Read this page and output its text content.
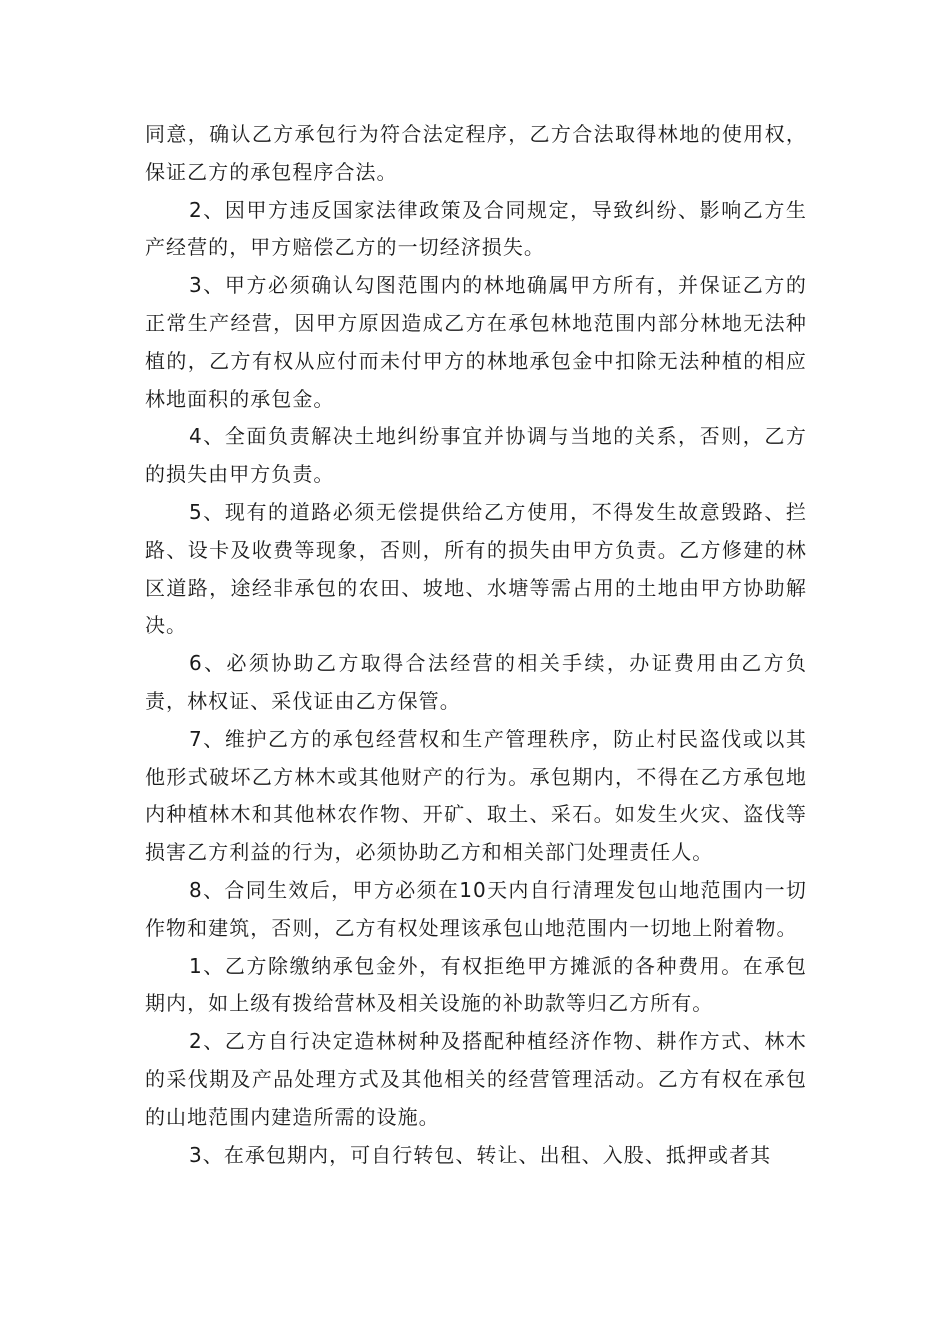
同意，确认乙方承包行为符合法定程序，乙方合法取得林地的使用权，保证乙方的承包程序合法。

2、因甲方违反国家法律政策及合同规定，导致纠纷、影响乙方生产经营的，甲方赔偿乙方的一切经济损失。

3、甲方必须确认勾图范围内的林地确属甲方所有，并保证乙方的正常生产经营，因甲方原因造成乙方在承包林地范围内部分林地无法种植的，乙方有权从应付而未付甲方的林地承包金中扣除无法种植的相应林地面积的承包金。

4、全面负责解决土地纠纷事宜并协调与当地的关系，否则，乙方的损失由甲方负责。

5、现有的道路必须无偿提供给乙方使用，不得发生故意毁路、拦路、设卡及收费等现象，否则，所有的损失由甲方负责。乙方修建的林区道路，途经非承包的农田、坡地、水塘等需占用的土地由甲方协助解决。

6、必须协助乙方取得合法经营的相关手续，办证费用由乙方负责，林权证、采伐证由乙方保管。

7、维护乙方的承包经营权和生产管理秩序，防止村民盗伐或以其他形式破坏乙方林木或其他财产的行为。承包期内，不得在乙方承包地内种植林木和其他林农作物、开矿、取土、采石。如发生火灾、盗伐等损害乙方利益的行为，必须协助乙方和相关部门处理责任人。

8、合同生效后，甲方必须在10天内自行清理发包山地范围内一切作物和建筑，否则，乙方有权处理该承包山地范围内一切地上附着物。

1、乙方除缴纳承包金外，有权拒绝甲方摊派的各种费用。在承包期内，如上级有拨给营林及相关设施的补助款等归乙方所有。

2、乙方自行决定造林树种及搭配种植经济作物、耕作方式、林木的采伐期及产品处理方式及其他相关的经营管理活动。乙方有权在承包的山地范围内建造所需的设施。

3、在承包期内，可自行转包、转让、出租、入股、抵押或者其
